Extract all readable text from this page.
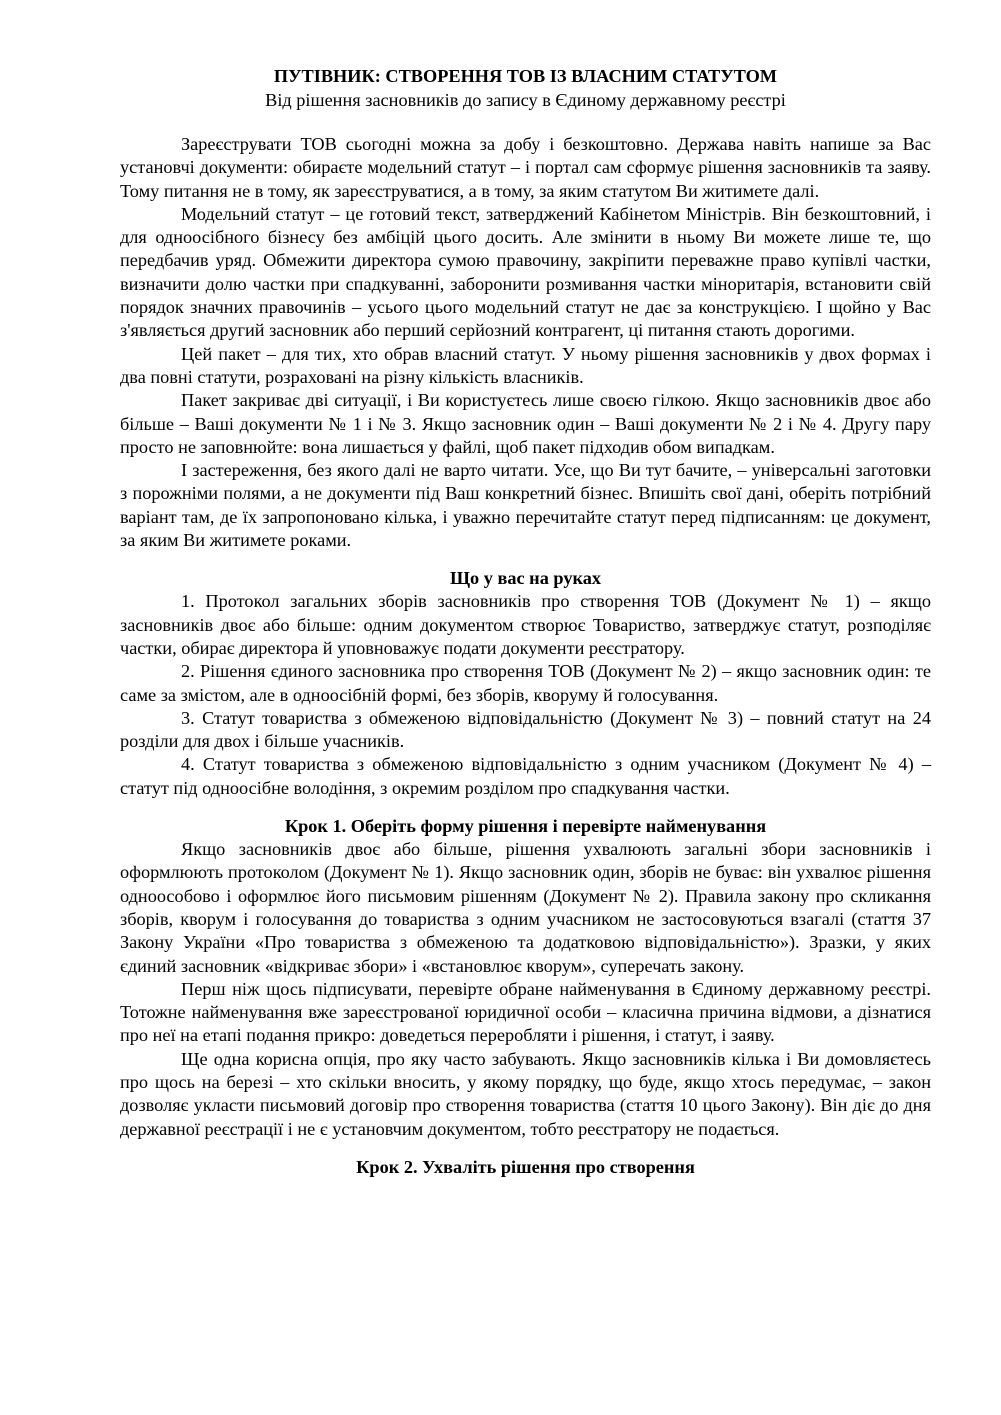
ПУТІВНИК: СТВОРЕННЯ ТОВ ІЗ ВЛАСНИМ СТАТУТОМ

Від рішення засновників до запису в Єдиному державному реєстрі

Зареєструвати ТОВ сьогодні можна за добу і безкоштовно. Держава навіть напише за Вас установчі документи: обираєте модельний статут – і портал сам сформує рішення засновників та заяву. Тому питання не в тому, як зареєструватися, а в тому, за яким статутом Ви житимете далі.

Модельний статут – це готовий текст, затверджений Кабінетом Міністрів. Він безкоштовний, і для одноосібного бізнесу без амбіцій цього досить. Але змінити в ньому Ви можете лише те, що передбачив уряд. Обмежити директора сумою правочину, закріпити переважне право купівлі частки, визначити долю частки при спадкуванні, заборонити розмивання частки міноритарія, встановити свій порядок значних правочинів – усього цього модельний статут не дає за конструкцією. І щойно у Вас з'являється другий засновник або перший серйозний контрагент, ці питання стають дорогими.

Цей пакет – для тих, хто обрав власний статут. У ньому рішення засновників у двох формах і два повні статути, розраховані на різну кількість власників.

Пакет закриває дві ситуації, і Ви користуєтесь лише своєю гілкою. Якщо засновників двоє або більше – Ваші документи № 1 і № 3. Якщо засновник один – Ваші документи № 2 і № 4. Другу пару просто не заповнюйте: вона лишається у файлі, щоб пакет підходив обом випадкам.

І застереження, без якого далі не варто читати. Усе, що Ви тут бачите, – універсальні заготовки з порожніми полями, а не документи під Ваш конкретний бізнес. Впишіть свої дані, оберіть потрібний варіант там, де їх запропоновано кілька, і уважно перечитайте статут перед підписанням: це документ, за яким Ви житимете роками.

Що у вас на руках

1. Протокол загальних зборів засновників про створення ТОВ (Документ № 1) – якщо засновників двоє або більше: одним документом створює Товариство, затверджує статут, розподіляє частки, обирає директора й уповноважує подати документи реєстратору.

2. Рішення єдиного засновника про створення ТОВ (Документ № 2) – якщо засновник один: те саме за змістом, але в одноосібній формі, без зборів, кворуму й голосування.

3. Статут товариства з обмеженою відповідальністю (Документ № 3) – повний статут на 24 розділи для двох і більше учасників.

4. Статут товариства з обмеженою відповідальністю з одним учасником (Документ № 4) – статут під одноосібне володіння, з окремим розділом про спадкування частки.

Крок 1. Оберіть форму рішення і перевірте найменування

Якщо засновників двоє або більше, рішення ухвалюють загальні збори засновників і оформлюють протоколом (Документ № 1). Якщо засновник один, зборів не буває: він ухвалює рішення одноособово і оформлює його письмовим рішенням (Документ № 2). Правила закону про скликання зборів, кворум і голосування до товариства з одним учасником не застосовуються взагалі (стаття 37 Закону України «Про товариства з обмеженою та додатковою відповідальністю»). Зразки, у яких єдиний засновник «відкриває збори» і «встановлює кворум», суперечать закону.

Перш ніж щось підписувати, перевірте обране найменування в Єдиному державному реєстрі. Тотожне найменування вже зареєстрованої юридичної особи – класична причина відмови, а дізнатися про неї на етапі подання прикро: доведеться переробляти і рішення, і статут, і заяву.

Ще одна корисна опція, про яку часто забувають. Якщо засновників кілька і Ви домовляєтесь про щось на березі – хто скільки вносить, у якому порядку, що буде, якщо хтось передумає, – закон дозволяє укласти письмовий договір про створення товариства (стаття 10 цього Закону). Він діє до дня державної реєстрації і не є установчим документом, тобто реєстратору не подається.

Крок 2. Ухваліть рішення про створення
